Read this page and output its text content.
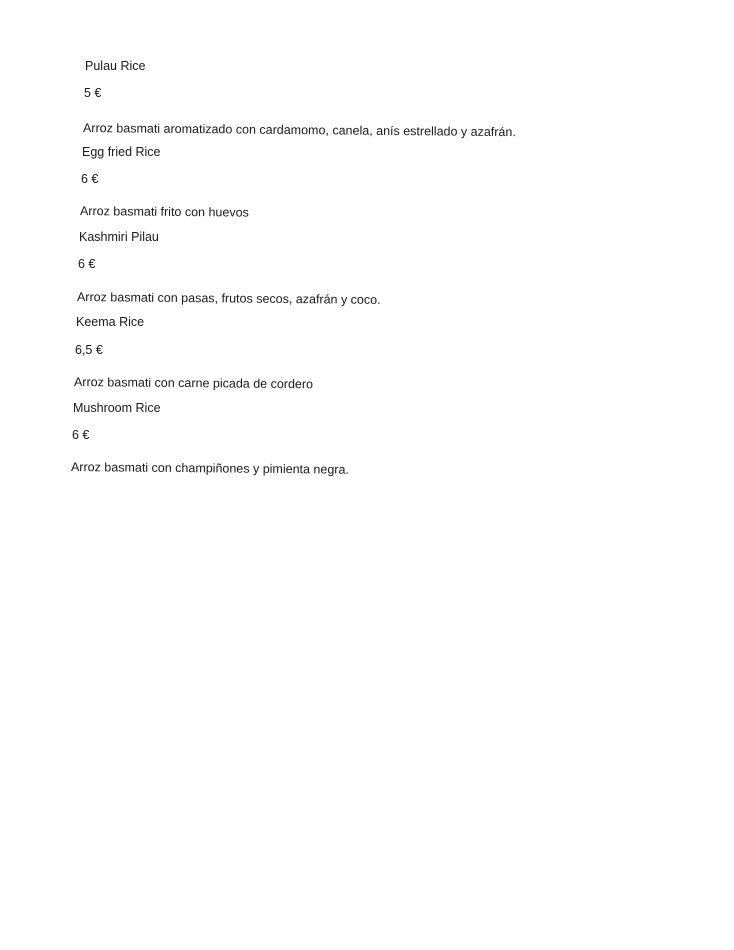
Pulau Rice
5 €
Arroz basmati aromatizado con cardamomo, canela, anís estrellado y azafrán.
Egg fried Rice
6 €
Arroz basmati frito con huevos
Kashmiri Pilau
6 €
Arroz basmati con pasas, frutos secos, azafrán y coco.
Keema Rice
6,5 €
Arroz basmati con carne picada de cordero
Mushroom Rice
6 €
Arroz basmati con champiñones y pimienta negra.
